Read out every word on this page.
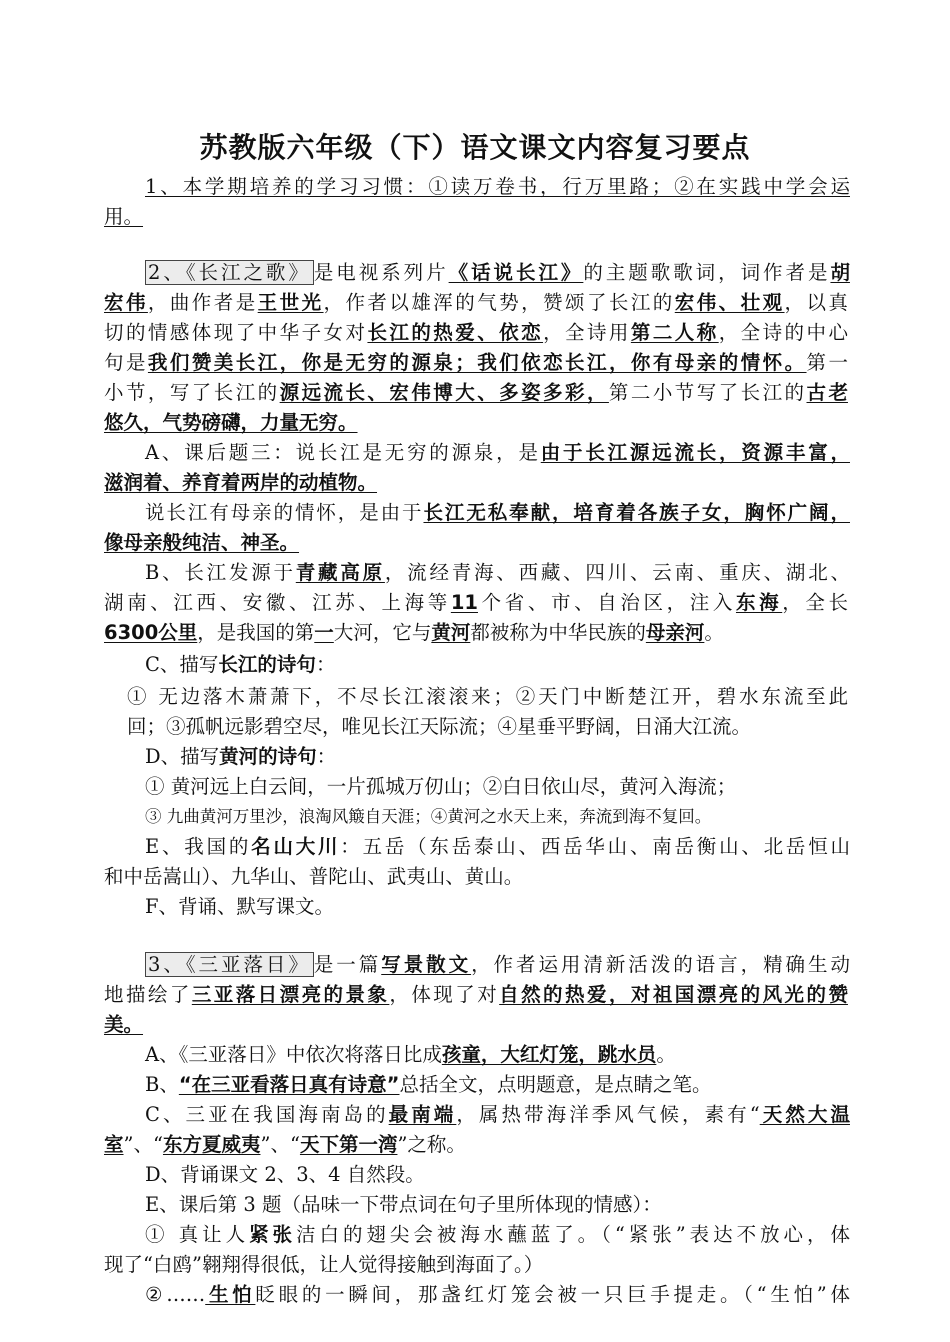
苏教版六年级（下）语文课文内容复习要点
1、本学期培养的学习习惯：①读万卷书，行万里路；②在实践中学会运
用。
2、《长江之歌》 是电视系列片《话说长江》的主题歌歌词，词作者是胡
宏伟，曲作者是王世光，作者以雄浑的气势，赞颂了长江的宏伟、壮观，以真
切的情感体现了中华子女对长江的热爱、依恋，全诗用第二人称，全诗的中心
句是我们赞美长江，你是无穷的源泉；我们依恋长江，你有母亲的情怀。第一
小节，写了长江的源远流长、宏伟博大、多姿多彩，第二小节写了长江的古老
悠久，气势磅礴，力量无穷。
A、课后题三：说长江是无穷的源泉，是由于长江源远流长，资源丰富，
滋润着、养育着两岸的动植物。
说长江有母亲的情怀，是由于长江无私奉献，培育着各族子女，胸怀广阔，
像母亲般纯洁、神圣。
B、长江发源于青藏高原，流经青海、西藏、四川、云南、重庆、湖北、
湖南、江西、安徽、江苏、上海等11个省、市、自治区，注入东海，全长
6300公里，是我国的第一大河，它与黄河都被称为中华民族的母亲河。
C、描写长江的诗句：
① 无边落木萧萧下，不尽长江滚滚来；②天门中断楚江开，碧水东流至此
回；③孤帆远影碧空尽，唯见长江天际流；④星垂平野阔，日涌大江流。
D、描写黄河的诗句：
① 黄河远上白云间，一片孤城万仞山；②白日依山尽，黄河入海流；
③ 九曲黄河万里沙，浪淘风簸自天涯；④黄河之水天上来，奔流到海不复回。
E、我国的名山大川：五岳（东岳泰山、西岳华山、南岳衡山、北岳恒山
和中岳嵩山）、九华山、普陀山、武夷山、黄山。
F、背诵、默写课文。
3、《三亚落日》 是一篇写景散文，作者运用清新活泼的语言，精确生动
地描绘了三亚落日漂亮的景象，体现了对自然的热爱，对祖国漂亮的风光的赞
美。
A、《三亚落日》中依次将落日比成孩童，大红灯笼，跳水员。
B、“在三亚看落日真有诗意”总括全文，点明题意，是点睛之笔。
C、三亚在我国海南岛的最南端，属热带海洋季风气候，素有“天然大温
室”、“东方夏威夷”、“天下第一湾”之称。
D、背诵课文 2、3、4 自然段。
E、课后第 3 题（品味一下带点词在句子里所体现的情感）：
① 真让人紧张洁白的翅尖会被海水蘸蓝了。（“紧张”表达不放心，体
现了“白鸥”翱翔得很低，让人觉得接触到海面了。）
②……生怕眨眼的一瞬间，那盏红灯笼会被一只巨手提走。（“生怕”体
